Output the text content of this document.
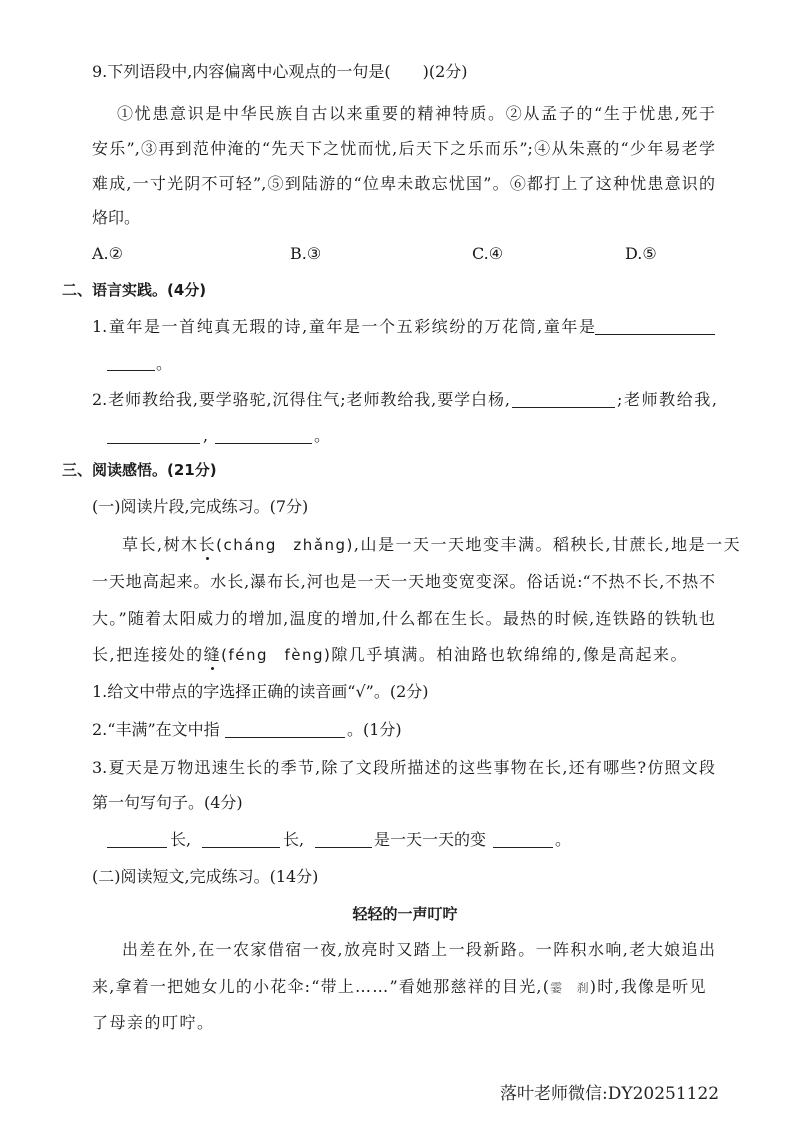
9.下列语段中,内容偏离中心观点的一句是(　　)(2分)
①忧患意识是中华民族自古以来重要的精神特质。②从孟子的“生于忧患,死于
安乐”,③再到范仲淹的“先天下之忧而忧,后天下之乐而乐”;④从朱熹的“少年易老学
难成,一寸光阴不可轻”,⑤到陆游的“位卑未敢忘忧国”。⑥都打上了这种忧患意识的
烙印。
A.②	B.③	C.④	D.⑤
二、语言实践。(4分)
1.童年是一首纯真无瑕的诗,童年是一个五彩缤纷的万花筒,童年是
。
2.老师教给我,要学骆驼,沉得住气;老师教给我,要学白杨,	;老师教给我,
,	。
三、阅读感悟。(21分)
(一)阅读片段,完成练习。(7分)
草长,树木长(cháng　zhǎng),山是一天一天地变丰满。稻秧长,甘蔗长,地是一天
一天地高起来。水长,瀑布长,河也是一天一天地变宽变深。俗话说:“不热不长,不热不
大。”随着太阳威力的增加,温度的增加,什么都在生长。最热的时候,连铁路的铁轨也
长,把连接处的缝(féng　fèng)隙几乎填满。柏油路也软绵绵的,像是高起来。
1.给文中带点的字选择正确的读音画“√”。(2分)
2.“丰满”在文中指	。(1分)
3.夏天是万物迅速生长的季节,除了文段所描述的这些事物在长,还有哪些?仿照文段
第一句写句子。(4分)
长,	长,	是一天一天的变	。
(二)阅读短文,完成练习。(14分)
轻轻的一声叮咛
出差在外,在一农家借宿一夜,放亮时又踏上一段新路。一阵积水响,老大娘追出
来,拿着一把她女儿的小花伞:“带上……”看她那慈祥的目光,(霎　刹)时,我像是听见
了母亲的叮咛。
落叶老师微信:DY20251122
